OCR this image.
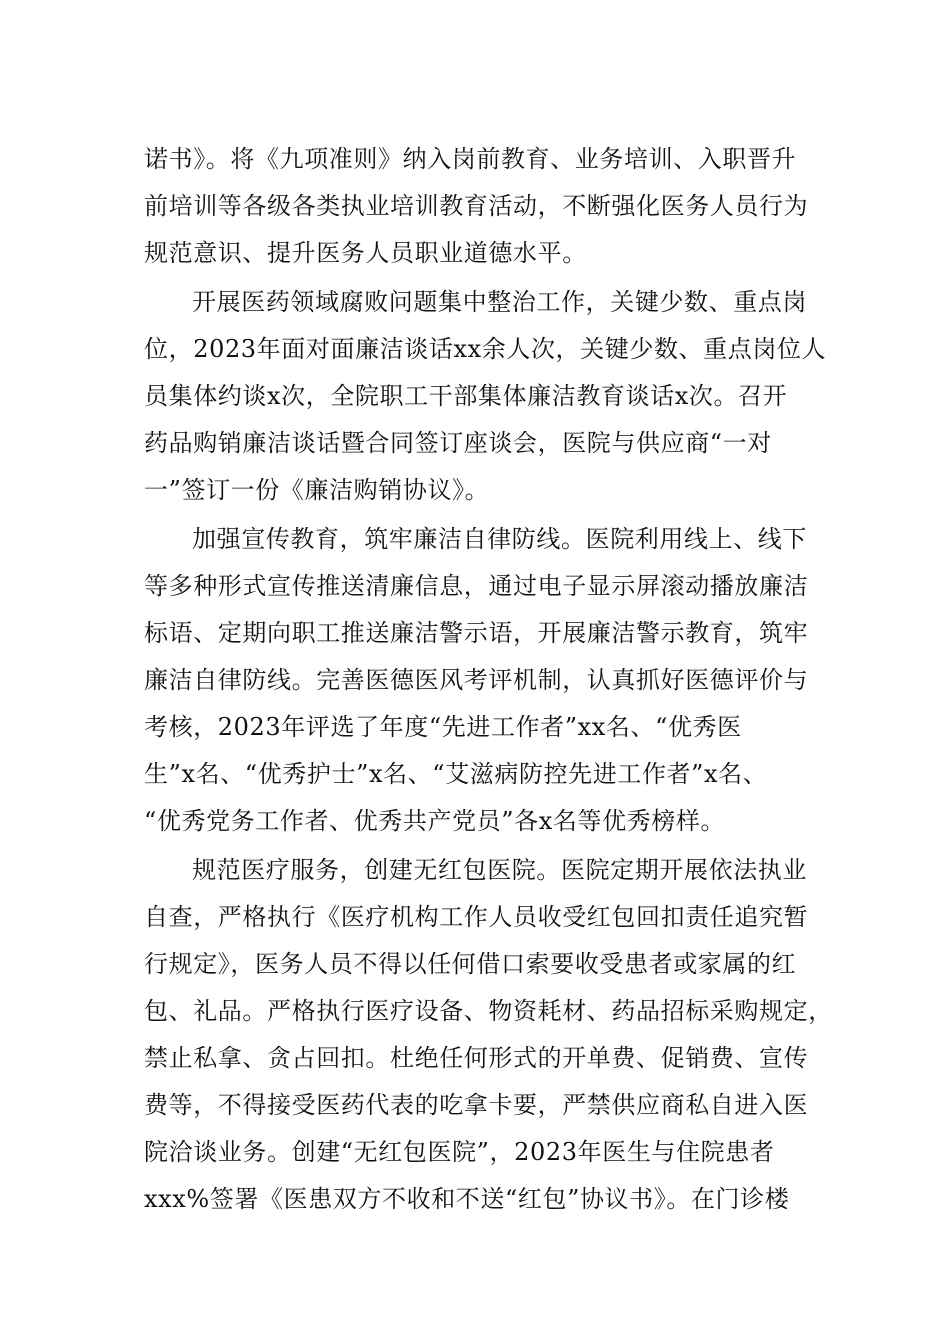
诺书》。将《九项准则》纳入岗前教育、业务培训、入职晋升
前培训等各级各类执业培训教育活动，不断强化医务人员行为
规范意识、提升医务人员职业道德水平。
开展医药领域腐败问题集中整治工作，关键少数、重点岗
位，2023年面对面廉洁谈话xx余人次，关键少数、重点岗位人
员集体约谈x次，全院职工干部集体廉洁教育谈话x次。召开
药品购销廉洁谈话暨合同签订座谈会，医院与供应商“一对
一”签订一份《廉洁购销协议》。
加强宣传教育，筑牢廉洁自律防线。医院利用线上、线下
等多种形式宣传推送清廉信息，通过电子显示屏滚动播放廉洁
标语、定期向职工推送廉洁警示语，开展廉洁警示教育，筑牢
廉洁自律防线。完善医德医风考评机制，认真抓好医德评价与
考核，2023年评选了年度“先进工作者”xx名、“优秀医
生”x名、“优秀护士”x名、“艾滋病防控先进工作者”x名、
“优秀党务工作者、优秀共产党员”各x名等优秀榜样。
规范医疗服务，创建无红包医院。医院定期开展依法执业
自查，严格执行《医疗机构工作人员收受红包回扣责任追究暂
行规定》，医务人员不得以任何借口索要收受患者或家属的红
包、礼品。严格执行医疗设备、物资耗材、药品招标采购规定，
禁止私拿、贪占回扣。杜绝任何形式的开单费、促销费、宣传
费等，不得接受医药代表的吃拿卡要，严禁供应商私自进入医
院洽谈业务。创建“无红包医院”，2023年医生与住院患者
xxx%签署《医患双方不收和不送“红包”协议书》。在门诊楼
